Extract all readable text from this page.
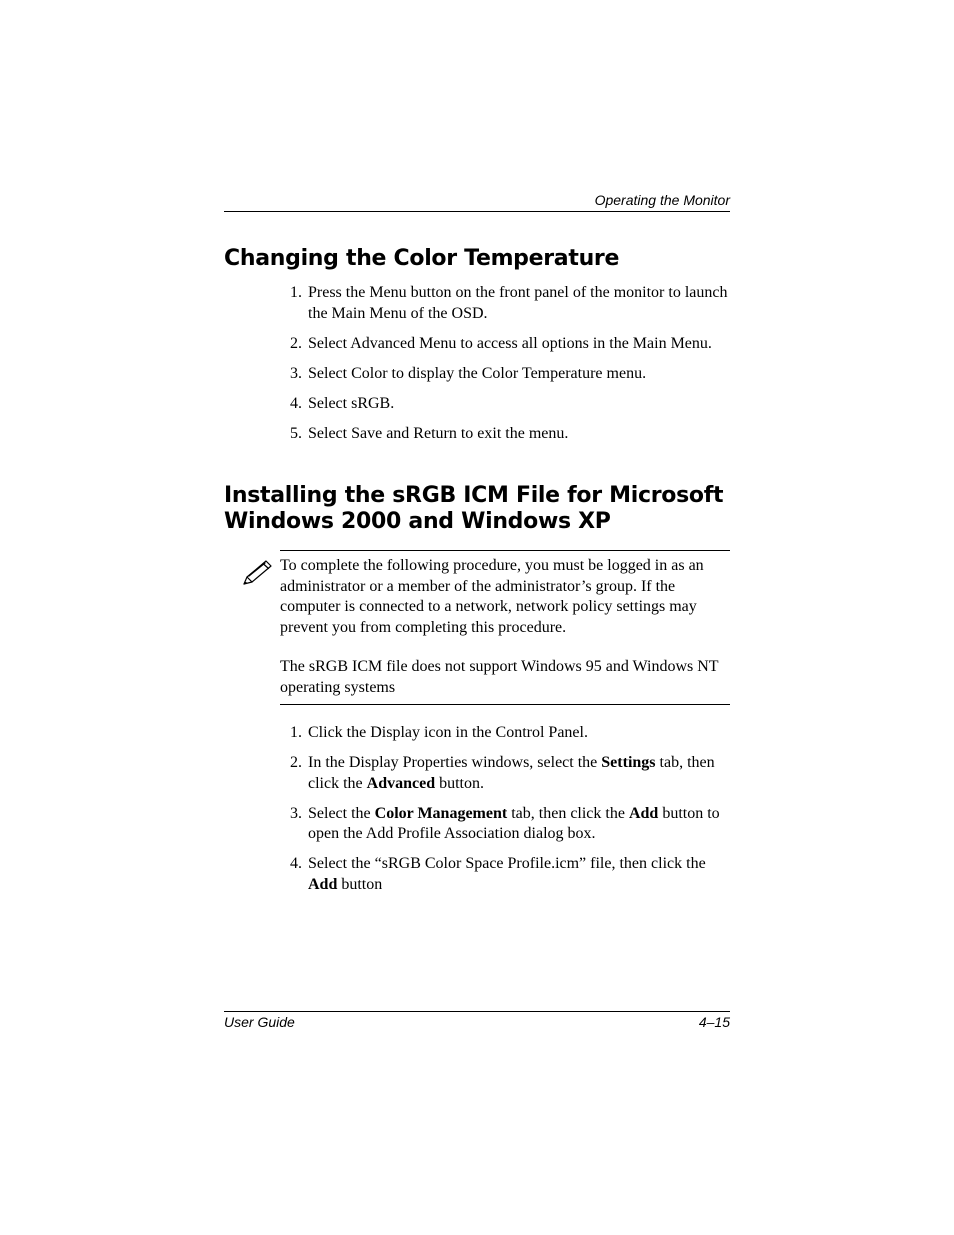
Operating the Monitor
Changing the Color Temperature
1. Press the Menu button on the front panel of the monitor to launch the Main Menu of the OSD.
2. Select Advanced Menu to access all options in the Main Menu.
3. Select Color to display the Color Temperature menu.
4. Select sRGB.
5. Select Save and Return to exit the menu.
Installing the sRGB ICM File for Microsoft
Windows 2000 and Windows XP

To complete the following procedure, you must be logged in as an administrator or a member of the administrator’s group. If the computer is connected to a network, network policy settings may prevent you from completing this procedure.

The sRGB ICM file does not support Windows 95 and Windows NT operating systems

1. Click the Display icon in the Control Panel.
2. In the Display Properties windows, select the Settings tab, then click the Advanced button.
3. Select the Color Management tab, then click the Add button to open the Add Profile Association dialog box.
4. Select the “sRGB Color Space Profile.icm” file, then click the Add button
User Guide	4–15
